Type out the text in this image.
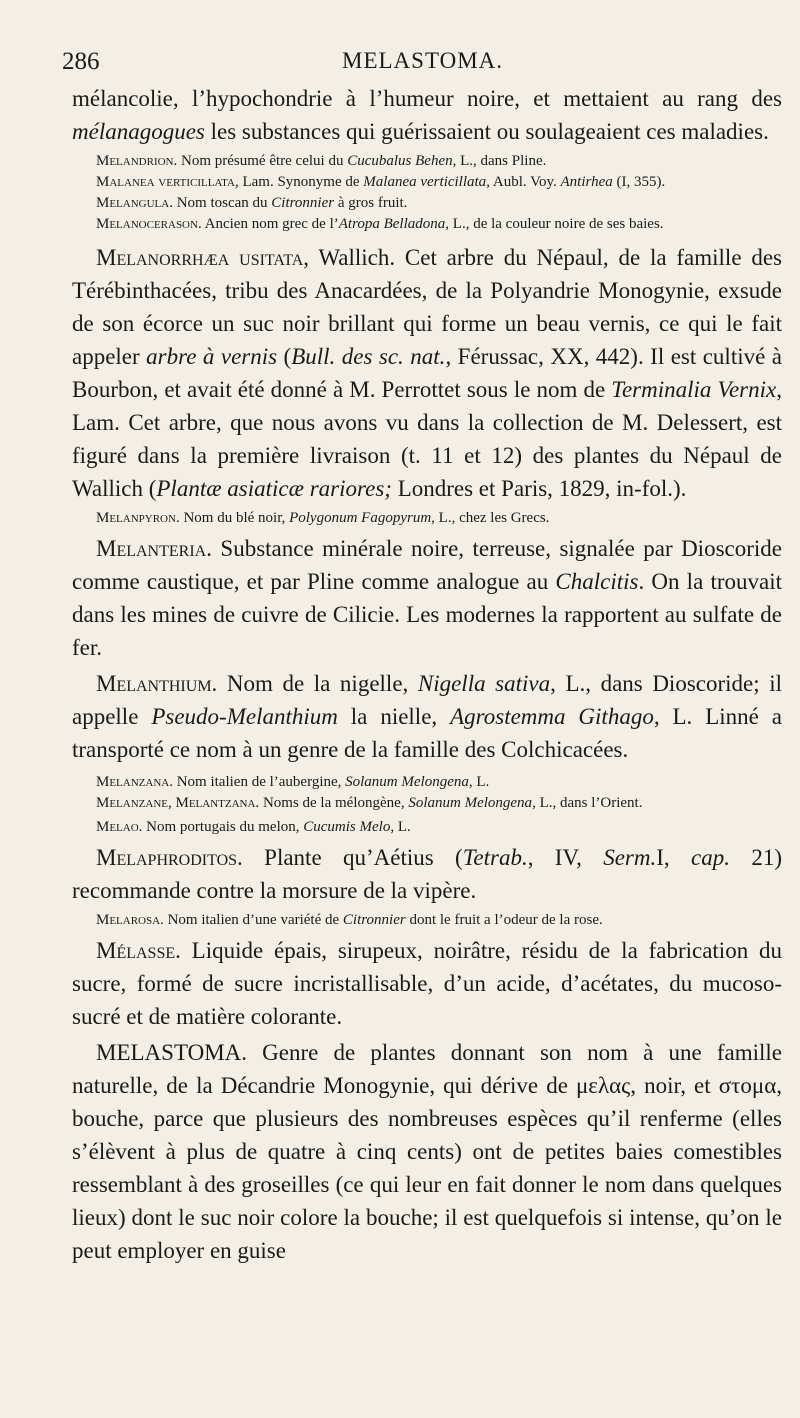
286	MELASTOMA.

mélancolie, l’hypochondrie à l’humeur noire, et mettaient au rang des mélanagogues les substances qui guérissaient ou soulageaient ces maladies.

Melandrion. Nom présumé être celui du Cucubalus Behen, L., dans Pline.

Malanea verticillata, Lam. Synonyme de Malanea verticillata, Aubl. Voy. Antirhea (I, 355).

Melangula. Nom toscan du Citronnier à gros fruit.

Melanocerason. Ancien nom grec de l’Atropa Belladona, L., de la couleur noire de ses baies.

Melanorrhæa usitata, Wallich. Cet arbre du Népaul, de la famille des Térébinthacées, tribu des Anacardées, de la Polyandrie Monogynie, exsude de son écorce un suc noir brillant qui forme un beau vernis, ce qui le fait appeler arbre à vernis (Bull. des sc. nat., Férussac, XX, 442). Il est cultivé à Bourbon, et avait été donné à M. Perrottet sous le nom de Terminalia Vernix, Lam. Cet arbre, que nous avons vu dans la collection de M. Delessert, est figuré dans la première livraison (t. 11 et 12) des plantes du Népaul de Wallich (Plantæ asiaticæ rariores; Londres et Paris, 1829, in-fol.).

Melanpyron. Nom du blé noir, Polygonum Fagopyrum, L., chez les Grecs.

Melanteria. Substance minérale noire, terreuse, signalée par Dioscoride comme caustique, et par Pline comme analogue au Chalcitis. On la trouvait dans les mines de cuivre de Cilicie. Les modernes la rapportent au sulfate de fer.

Melanthium. Nom de la nigelle, Nigella sativa, L., dans Dioscoride; il appelle Pseudo-Melanthium la nielle, Agrostemma Githago, L. Linné a transporté ce nom à un genre de la famille des Colchicacées.

Melanzana. Nom italien de l’aubergine, Solanum Melongena, L.

Melanzane, Melantzana. Noms de la mélongène, Solanum Melongena, L., dans l’Orient.

Melao. Nom portugais du melon, Cucumis Melo, L.

Melaphroditos. Plante qu’Aétius (Tetrab., IV, Serm.I, cap. 21) recommande contre la morsure de la vipère.

Melarosa. Nom italien d’une variété de Citronnier dont le fruit a l’odeur de la rose.

Mélasse. Liquide épais, sirupeux, noirâtre, résidu de la fabrication du sucre, formé de sucre incristallisable, d’un acide, d’acétates, du mucoso-sucré et de matière colorante.

MELASTOMA. Genre de plantes donnant son nom à une famille naturelle, de la Décandrie Monogynie, qui dérive de μελας, noir, et στομα, bouche, parce que plusieurs des nombreuses espèces qu’il renferme (elles s’élèvent à plus de quatre à cinq cents) ont de petites baies comestibles ressemblant à des groseilles (ce qui leur en fait donner le nom dans quelques lieux) dont le suc noir colore la bouche; il est quelquefois si intense, qu’on le peut employer en guise
